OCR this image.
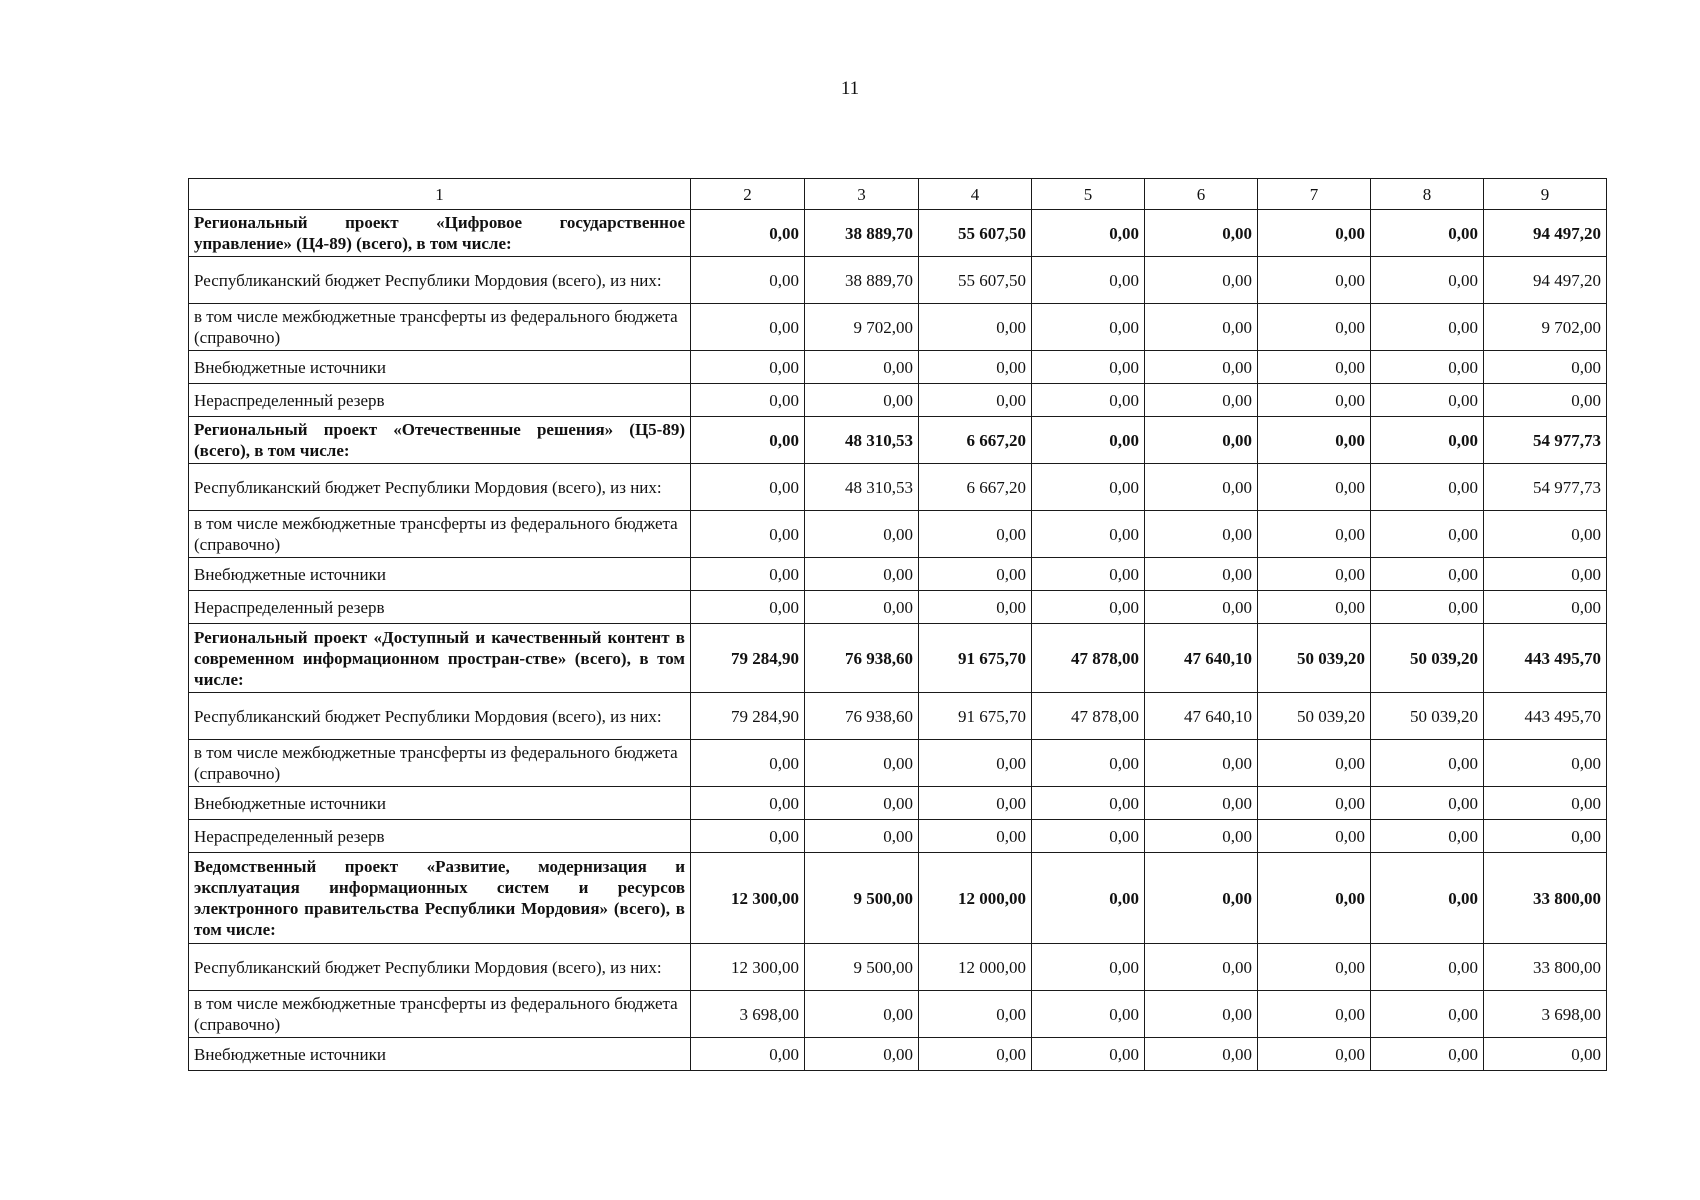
11
1	2	3	4	5	6	7	8	9
Региональный проект «Цифровое государственное управление» (Ц4-89) (всего), в том числе:	0,00	38 889,70	55 607,50	0,00	0,00	0,00	0,00	94 497,20
Республиканский бюджет Республики Мордовия (всего), из них:	0,00	38 889,70	55 607,50	0,00	0,00	0,00	0,00	94 497,20
в том числе межбюджетные трансферты из федерального бюджета (справочно)	0,00	9 702,00	0,00	0,00	0,00	0,00	0,00	9 702,00
Внебюджетные источники	0,00	0,00	0,00	0,00	0,00	0,00	0,00	0,00
Нераспределенный резерв	0,00	0,00	0,00	0,00	0,00	0,00	0,00	0,00
Региональный проект «Отечественные решения» (Ц5-89) (всего), в том числе:	0,00	48 310,53	6 667,20	0,00	0,00	0,00	0,00	54 977,73
Республиканский бюджет Республики Мордовия (всего), из них:	0,00	48 310,53	6 667,20	0,00	0,00	0,00	0,00	54 977,73
в том числе межбюджетные трансферты из федерального бюджета (справочно)	0,00	0,00	0,00	0,00	0,00	0,00	0,00	0,00
Внебюджетные источники	0,00	0,00	0,00	0,00	0,00	0,00	0,00	0,00
Нераспределенный резерв	0,00	0,00	0,00	0,00	0,00	0,00	0,00	0,00
Региональный проект «Доступный и качественный контент в современном информационном простран-стве» (всего), в том числе:	79 284,90	76 938,60	91 675,70	47 878,00	47 640,10	50 039,20	50 039,20	443 495,70
Республиканский бюджет Республики Мордовия (всего), из них:	79 284,90	76 938,60	91 675,70	47 878,00	47 640,10	50 039,20	50 039,20	443 495,70
в том числе межбюджетные трансферты из федерального бюджета (справочно)	0,00	0,00	0,00	0,00	0,00	0,00	0,00	0,00
Внебюджетные источники	0,00	0,00	0,00	0,00	0,00	0,00	0,00	0,00
Нераспределенный резерв	0,00	0,00	0,00	0,00	0,00	0,00	0,00	0,00
Ведомственный проект «Развитие, модернизация и эксплуатация информационных систем и ресурсов электронного правительства Республики Мордовия» (всего), в том числе:	12 300,00	9 500,00	12 000,00	0,00	0,00	0,00	0,00	33 800,00
Республиканский бюджет Республики Мордовия (всего), из них:	12 300,00	9 500,00	12 000,00	0,00	0,00	0,00	0,00	33 800,00
в том числе межбюджетные трансферты из федерального бюджета (справочно)	3 698,00	0,00	0,00	0,00	0,00	0,00	0,00	3 698,00
Внебюджетные источники	0,00	0,00	0,00	0,00	0,00	0,00	0,00	0,00
